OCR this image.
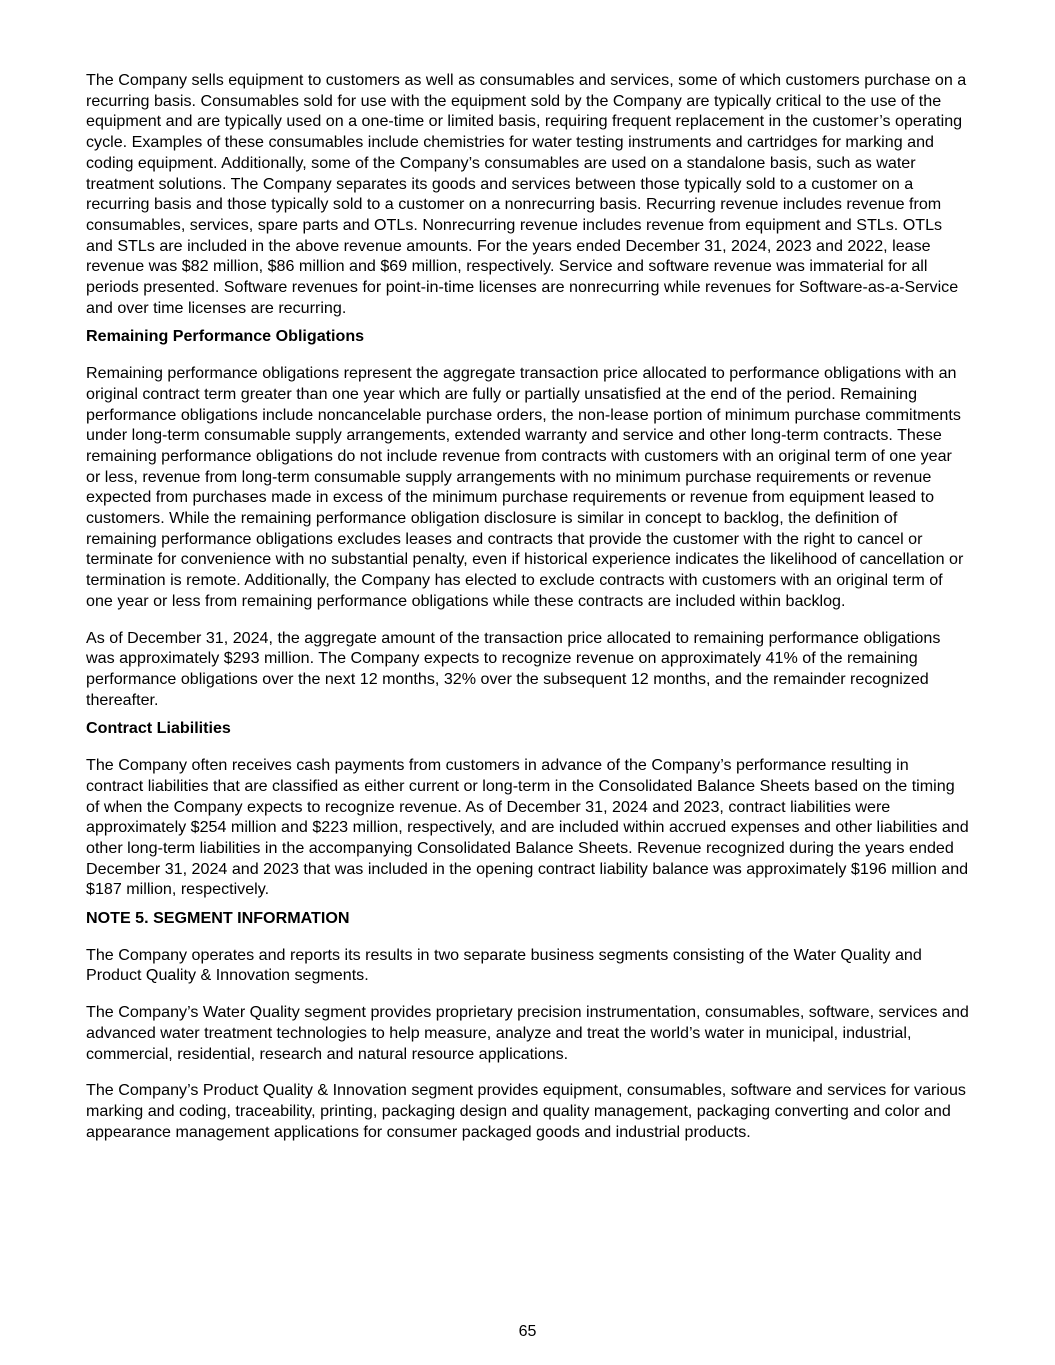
The Company sells equipment to customers as well as consumables and services, some of which customers purchase on a recurring basis. Consumables sold for use with the equipment sold by the Company are typically critical to the use of the equipment and are typically used on a one-time or limited basis, requiring frequent replacement in the customer’s operating cycle. Examples of these consumables include chemistries for water testing instruments and cartridges for marking and coding equipment. Additionally, some of the Company’s consumables are used on a standalone basis, such as water treatment solutions. The Company separates its goods and services between those typically sold to a customer on a recurring basis and those typically sold to a customer on a nonrecurring basis. Recurring revenue includes revenue from consumables, services, spare parts and OTLs. Nonrecurring revenue includes revenue from equipment and STLs. OTLs and STLs are included in the above revenue amounts. For the years ended December 31, 2024, 2023 and 2022, lease revenue was $82 million, $86 million and $69 million, respectively. Service and software revenue was immaterial for all periods presented. Software revenues for point-in-time licenses are nonrecurring while revenues for Software-as-a-Service and over time licenses are recurring.

Remaining Performance Obligations

Remaining performance obligations represent the aggregate transaction price allocated to performance obligations with an original contract term greater than one year which are fully or partially unsatisfied at the end of the period. Remaining performance obligations include noncancelable purchase orders, the non-lease portion of minimum purchase commitments under long-term consumable supply arrangements, extended warranty and service and other long-term contracts. These remaining performance obligations do not include revenue from contracts with customers with an original term of one year or less, revenue from long-term consumable supply arrangements with no minimum purchase requirements or revenue expected from purchases made in excess of the minimum purchase requirements or revenue from equipment leased to customers. While the remaining performance obligation disclosure is similar in concept to backlog, the definition of remaining performance obligations excludes leases and contracts that provide the customer with the right to cancel or terminate for convenience with no substantial penalty, even if historical experience indicates the likelihood of cancellation or termination is remote. Additionally, the Company has elected to exclude contracts with customers with an original term of one year or less from remaining performance obligations while these contracts are included within backlog.

As of December 31, 2024, the aggregate amount of the transaction price allocated to remaining performance obligations was approximately $293 million. The Company expects to recognize revenue on approximately 41% of the remaining performance obligations over the next 12 months, 32% over the subsequent 12 months, and the remainder recognized thereafter.

Contract Liabilities

The Company often receives cash payments from customers in advance of the Company’s performance resulting in contract liabilities that are classified as either current or long-term in the Consolidated Balance Sheets based on the timing of when the Company expects to recognize revenue. As of December 31, 2024 and 2023, contract liabilities were approximately $254 million and $223 million, respectively, and are included within accrued expenses and other liabilities and other long-term liabilities in the accompanying Consolidated Balance Sheets. Revenue recognized during the years ended December 31, 2024 and 2023 that was included in the opening contract liability balance was approximately $196 million and $187 million, respectively.

NOTE 5. SEGMENT INFORMATION

The Company operates and reports its results in two separate business segments consisting of the Water Quality and Product Quality & Innovation segments.

The Company’s Water Quality segment provides proprietary precision instrumentation, consumables, software, services and advanced water treatment technologies to help measure, analyze and treat the world’s water in municipal, industrial, commercial, residential, research and natural resource applications.

The Company’s Product Quality & Innovation segment provides equipment, consumables, software and services for various marking and coding, traceability, printing, packaging design and quality management, packaging converting and color and appearance management applications for consumer packaged goods and industrial products.

65
